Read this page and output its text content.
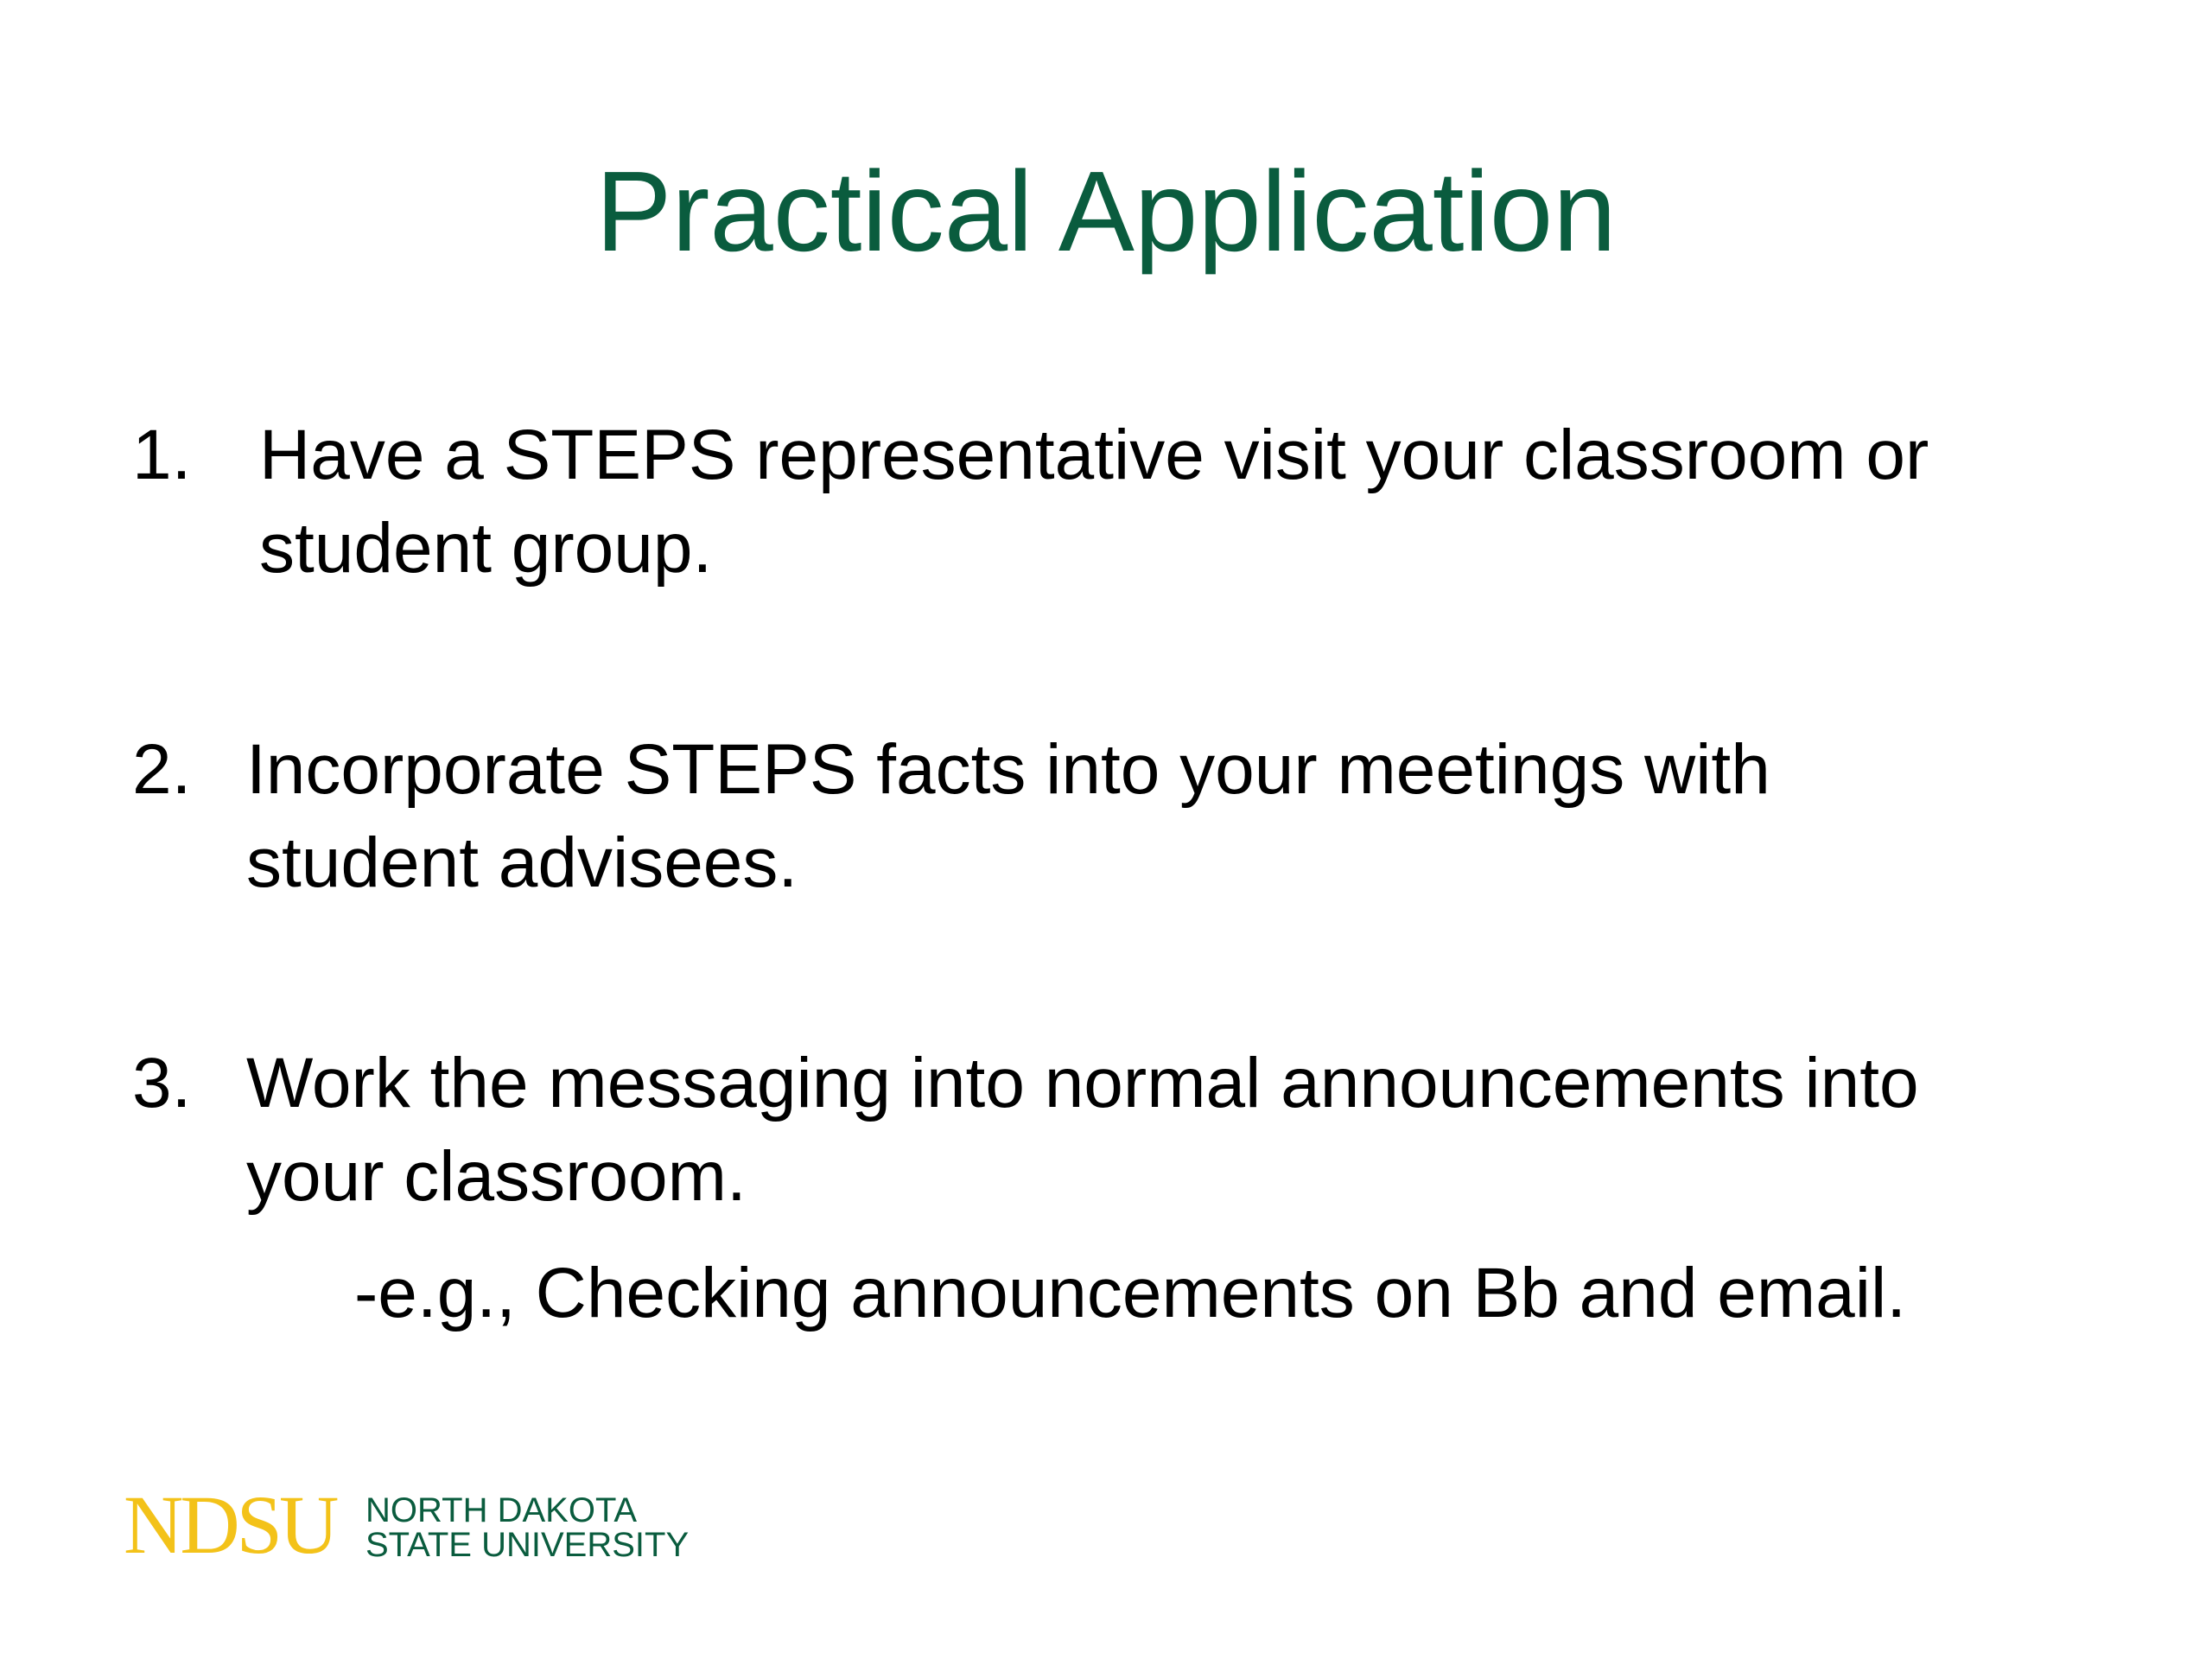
Practical Application
1. Have a STEPS representative visit your classroom or
student group.
2. Incorporate STEPS facts into your meetings with
student advisees.
3. Work the messaging into normal announcements into
your classroom.
-e.g., Checking announcements on Bb and email.
NDSU NORTH DAKOTA
STATE UNIVERSITY
